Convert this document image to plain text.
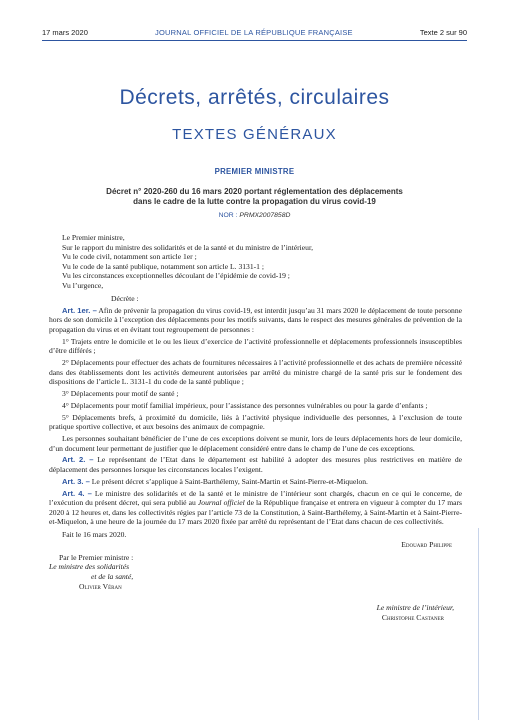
17 mars 2020	JOURNAL OFFICIEL DE LA RÉPUBLIQUE FRANÇAISE	Texte 2 sur 90
Décrets, arrêtés, circulaires
TEXTES GÉNÉRAUX
PREMIER MINISTRE
Décret n° 2020-260 du 16 mars 2020 portant réglementation des déplacements
dans le cadre de la lutte contre la propagation du virus covid-19
NOR : PRMX2007858D

Le Premier ministre,

Sur le rapport du ministre des solidarités et de la santé et du ministre de l’intérieur,

Vu le code civil, notamment son article 1er ;

Vu le code de la santé publique, notamment son article L. 3131-1 ;

Vu les circonstances exceptionnelles découlant de l’épidémie de covid-19 ;

Vu l’urgence,

Décrète :

Art. 1er. – Afin de prévenir la propagation du virus covid-19, est interdit jusqu’au 31 mars 2020 le déplacement de toute personne hors de son domicile à l’exception des déplacements pour les motifs suivants, dans le respect des mesures générales de prévention de la propagation du virus et en évitant tout regroupement de personnes :

1° Trajets entre le domicile et le ou les lieux d’exercice de l’activité professionnelle et déplacements professionnels insusceptibles d’être différés ;

2° Déplacements pour effectuer des achats de fournitures nécessaires à l’activité professionnelle et des achats de première nécessité dans des établissements dont les activités demeurent autorisées par arrêté du ministre chargé de la santé pris sur le fondement des dispositions de l’article L. 3131-1 du code de la santé publique ;

3° Déplacements pour motif de santé ;

4° Déplacements pour motif familial impérieux, pour l’assistance des personnes vulnérables ou pour la garde d’enfants ;

5° Déplacements brefs, à proximité du domicile, liés à l’activité physique individuelle des personnes, à l’exclusion de toute pratique sportive collective, et aux besoins des animaux de compagnie.

Les personnes souhaitant bénéficier de l’une de ces exceptions doivent se munir, lors de leurs déplacements hors de leur domicile, d’un document leur permettant de justifier que le déplacement considéré entre dans le champ de l’une de ces exceptions.

Art. 2. – Le représentant de l’Etat dans le département est habilité à adopter des mesures plus restrictives en matière de déplacement des personnes lorsque les circonstances locales l’exigent.

Art. 3. – Le présent décret s’applique à Saint-Barthélemy, Saint-Martin et Saint-Pierre-et-Miquelon.

Art. 4. – Le ministre des solidarités et de la santé et le ministre de l’intérieur sont chargés, chacun en ce qui le concerne, de l’exécution du présent décret, qui sera publié au Journal officiel de la République française et entrera en vigueur à compter du 17 mars 2020 à 12 heures et, dans les collectivités régies par l’article 73 de la Constitution, à Saint-Barthélemy, à Saint-Martin et à Saint-Pierre-et-Miquelon, à une heure de la journée du 17 mars 2020 fixée par arrêté du représentant de l’Etat dans chacun de ces collectivités.

Fait le 16 mars 2020.

Edouard Philippe

Par le Premier ministre :

Le ministre des solidarités

et de la santé,

Olivier Véran

Le ministre de l’intérieur,

Christophe Castaner
